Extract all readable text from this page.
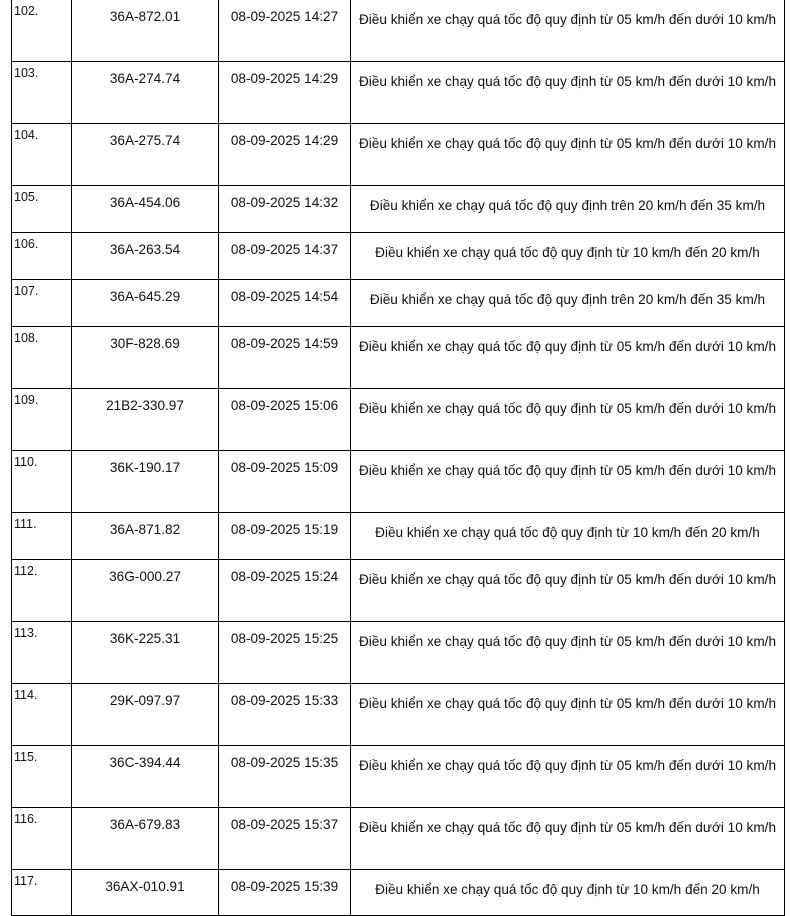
102.	36A-872.01	08-09-2025 14:27	Điều khiển xe chạy quá tốc độ quy định từ 05 km/h đến dưới 10 km/h
103.	36A-274.74	08-09-2025 14:29	Điều khiển xe chạy quá tốc độ quy định từ 05 km/h đến dưới 10 km/h
104.	36A-275.74	08-09-2025 14:29	Điều khiển xe chạy quá tốc độ quy định từ 05 km/h đến dưới 10 km/h
105.	36A-454.06	08-09-2025 14:32	Điều khiển xe chạy quá tốc độ quy định trên 20 km/h đến 35 km/h
106.	36A-263.54	08-09-2025 14:37	Điều khiển xe chạy quá tốc độ quy định từ 10 km/h đến 20 km/h
107.	36A-645.29	08-09-2025 14:54	Điều khiển xe chạy quá tốc độ quy định trên 20 km/h đến 35 km/h
108.	30F-828.69	08-09-2025 14:59	Điều khiển xe chạy quá tốc độ quy định từ 05 km/h đến dưới 10 km/h
109.	21B2-330.97	08-09-2025 15:06	Điều khiển xe chạy quá tốc độ quy định từ 05 km/h đến dưới 10 km/h
110.	36K-190.17	08-09-2025 15:09	Điều khiển xe chạy quá tốc độ quy định từ 05 km/h đến dưới 10 km/h
111.	36A-871.82	08-09-2025 15:19	Điều khiển xe chạy quá tốc độ quy định từ 10 km/h đến 20 km/h
112.	36G-000.27	08-09-2025 15:24	Điều khiển xe chạy quá tốc độ quy định từ 05 km/h đến dưới 10 km/h
113.	36K-225.31	08-09-2025 15:25	Điều khiển xe chạy quá tốc độ quy định từ 05 km/h đến dưới 10 km/h
114.	29K-097.97	08-09-2025 15:33	Điều khiển xe chạy quá tốc độ quy định từ 05 km/h đến dưới 10 km/h
115.	36C-394.44	08-09-2025 15:35	Điều khiển xe chạy quá tốc độ quy định từ 05 km/h đến dưới 10 km/h
116.	36A-679.83	08-09-2025 15:37	Điều khiển xe chạy quá tốc độ quy định từ 05 km/h đến dưới 10 km/h
117.	36AX-010.91	08-09-2025 15:39	Điều khiển xe chạy quá tốc độ quy định từ 10 km/h đến 20 km/h
